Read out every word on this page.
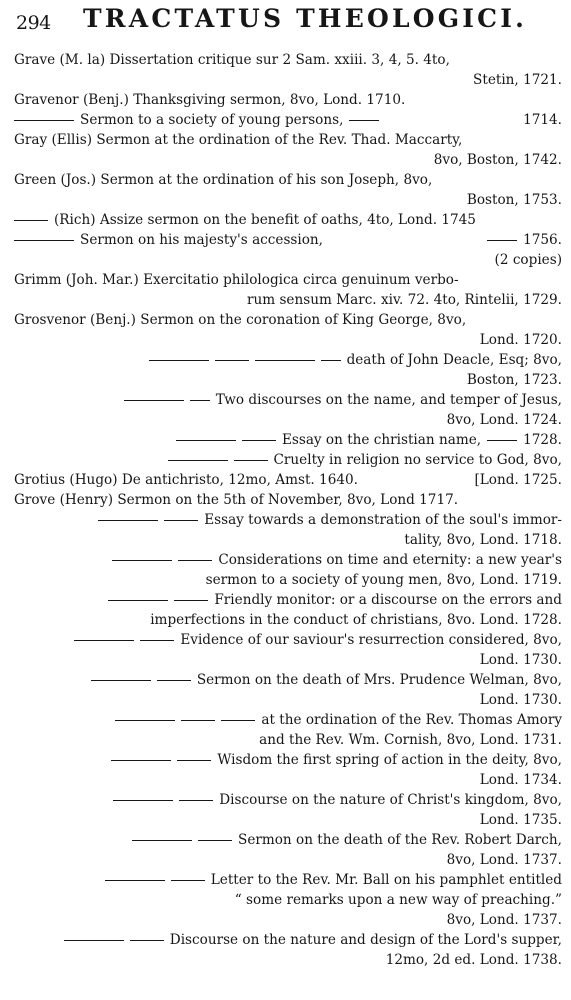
294 TRACTATUS THEOLOGICI.
Grave (M. la) Dissertation critique sur 2 Sam. xxiii. 3, 4, 5. 4to,
Stetin, 1721.
Gravenor (Benj.) Thanksgiving sermon, 8vo, Lond. 1710.
Sermon to a society of young persons,	1714.
Gray (Ellis) Sermon at the ordination of the Rev. Thad. Maccarty,
8vo, Boston, 1742.
Green (Jos.) Sermon at the ordination of his son Joseph, 8vo,
Boston, 1753.
(Rich) Assize sermon on the benefit of oaths, 4to, Lond. 1745
Sermon on his majesty's accession,	1756.
(2 copies)
Grimm (Joh. Mar.) Exercitatio philologica circa genuinum verbo-
rum sensum Marc. xiv. 72. 4to, Rintelii, 1729.
Grosvenor (Benj.) Sermon on the coronation of King George, 8vo,
Lond. 1720.
death of John Deacle, Esq; 8vo,
Boston, 1723.
Two discourses on the name, and temper of Jesus,
8vo, Lond. 1724.
Essay on the christian name,	1728.
Cruelty in religion no service to God, 8vo,
Grotius (Hugo) De antichristo, 12mo, Amst. 1640.	[Lond. 1725.
Grove (Henry) Sermon on the 5th of November, 8vo, Lond 1717.
Essay towards a demonstration of the soul's immor-
tality, 8vo, Lond. 1718.
Considerations on time and eternity: a new year's
sermon to a society of young men, 8vo, Lond. 1719.
Friendly monitor: or a discourse on the errors and
imperfections in the conduct of christians, 8vo. Lond. 1728.
Evidence of our saviour's resurrection considered, 8vo,
Lond. 1730.
Sermon on the death of Mrs. Prudence Welman, 8vo,
Lond. 1730.
at the ordination of the Rev. Thomas Amory
and the Rev. Wm. Cornish, 8vo, Lond. 1731.
Wisdom the first spring of action in the deity, 8vo,
Lond. 1734.
Discourse on the nature of Christ's kingdom, 8vo,
Lond. 1735.
Sermon on the death of the Rev. Robert Darch,
8vo, Lond. 1737.
Letter to the Rev. Mr. Ball on his pamphlet entitled
“ some remarks upon a new way of preaching.”
8vo, Lond. 1737.
Discourse on the nature and design of the Lord's supper,
12mo, 2d ed. Lond. 1738.
